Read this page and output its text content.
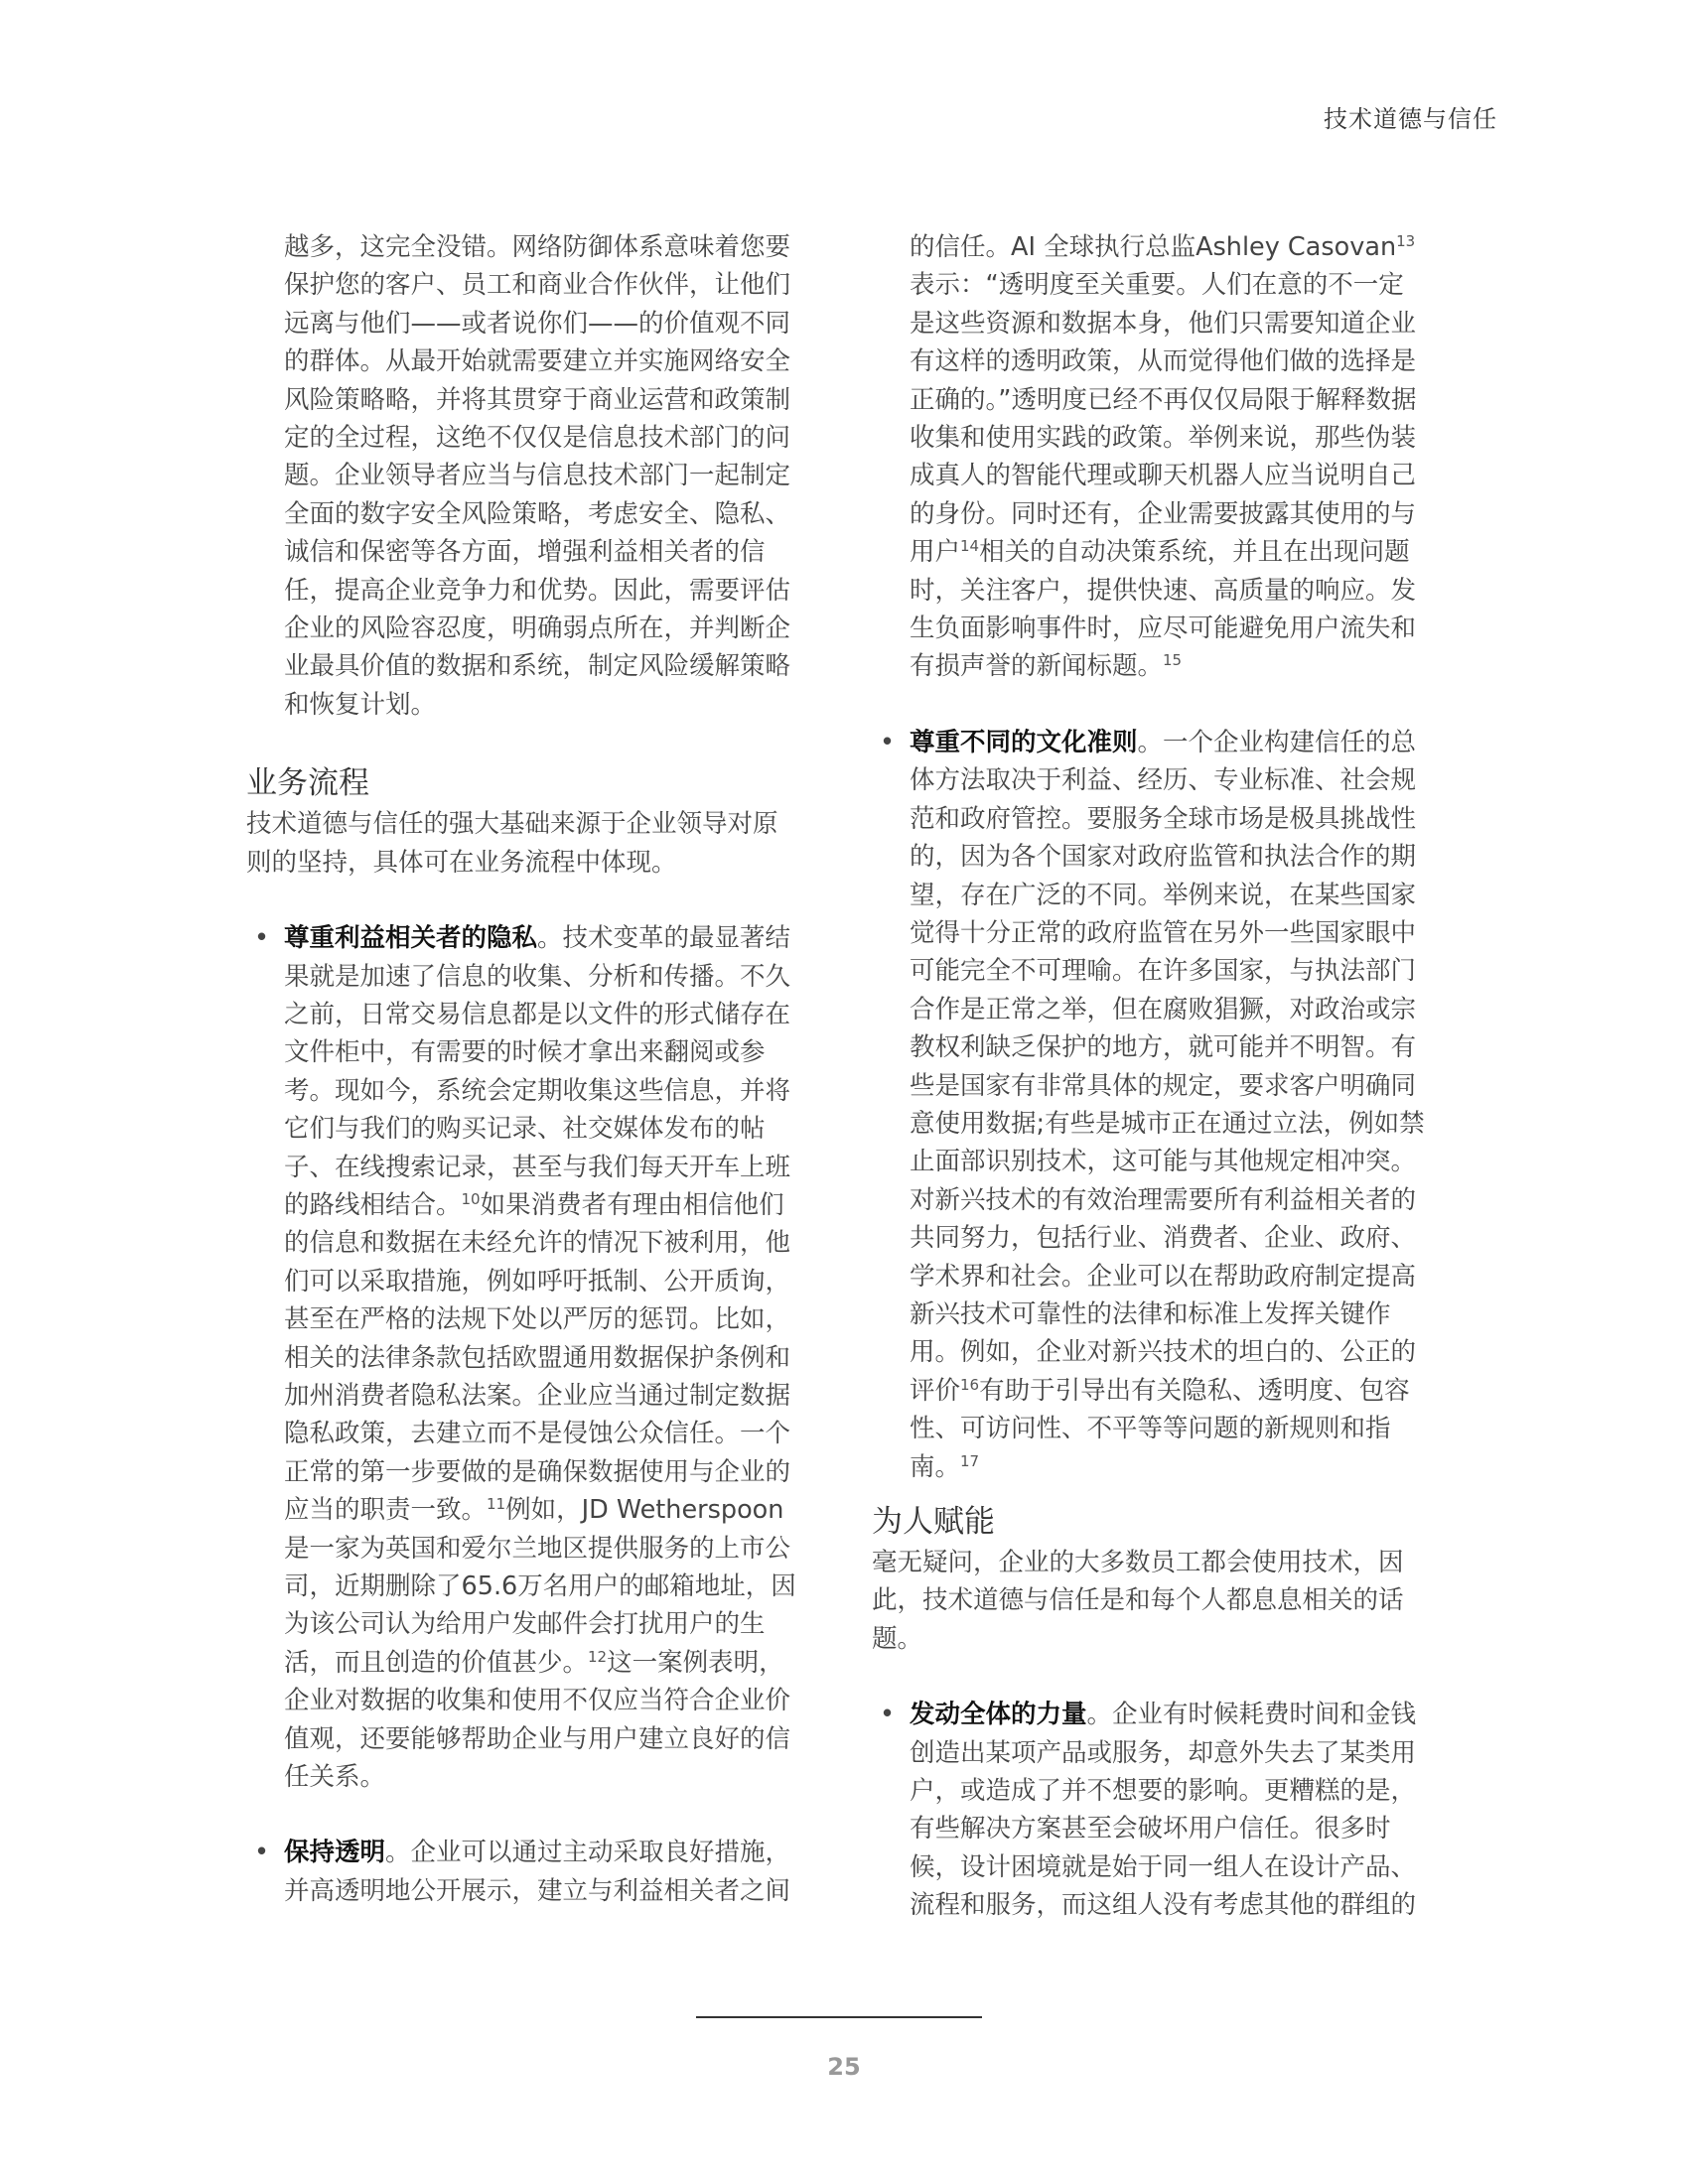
技术道德与信任

越多，这完全没错。网络防御体系意味着您要保护您的客户、员工和商业合作伙伴，让他们远离与他们——或者说你们——的价值观不同的群体。从最开始就需要建立并实施网络安全风险策略略，并将其贯穿于商业运营和政策制定的全过程，这绝不仅仅是信息技术部门的问题。企业领导者应当与信息技术部门一起制定全面的数字安全风险策略，考虑安全、隐私、诚信和保密等各方面，增强利益相关者的信任，提高企业竞争力和优势。因此，需要评估企业的风险容忍度，明确弱点所在，并判断企业最具价值的数据和系统，制定风险缓解策略和恢复计划。

业务流程

技术道德与信任的强大基础来源于企业领导对原则的坚持，具体可在业务流程中体现。

• 尊重利益相关者的隐私。技术变革的最显著结果就是加速了信息的收集、分析和传播。不久之前，日常交易信息都是以文件的形式储存在文件柜中，有需要的时候才拿出来翻阅或参考。现如今，系统会定期收集这些信息，并将它们与我们的购买记录、社交媒体发布的帖子、在线搜索记录，甚至与我们每天开车上班的路线相结合。$^{10}$如果消费者有理由相信他们的信息和数据在未经允许的情况下被利用，他们可以采取措施，例如呼吁抵制、公开质询，甚至在严格的法规下处以严厉的惩罚。比如，相关的法律条款包括欧盟通用数据保护条例和加州消费者隐私法案。企业应当通过制定数据隐私政策，去建立而不是侵蚀公众信任。一个正常的第一步要做的是确保数据使用与企业的应当的职责一致。$^{11}$例如，JD Wetherspoon是一家为英国和爱尔兰地区提供服务的上市公司，近期删除了65.6万名用户的邮箱地址，因为该公司认为给用户发邮件会打扰用户的生活，而且创造的价值甚少。$^{12}$这一案例表明，企业对数据的收集和使用不仅应当符合企业价值观，还要能够帮助企业与用户建立良好的信任关系。
• 保持透明。企业可以通过主动采取良好措施，并高透明地公开展示，建立与利益相关者之间

的信任。AI 全球执行总监Ashley Casovan$^{13}$表示：“透明度至关重要。人们在意的不一定是这些资源和数据本身，他们只需要知道企业有这样的透明政策，从而觉得他们做的选择是正确的。”透明度已经不再仅仅局限于解释数据收集和使用实践的政策。举例来说，那些伪装成真人的智能代理或聊天机器人应当说明自己的身份。同时还有，企业需要披露其使用的与用户$^{14}$相关的自动决策系统，并且在出现问题时，关注客户，提供快速、高质量的响应。发生负面影响事件时，应尽可能避免用户流失和有损声誉的新闻标题。$^{15}$

• 尊重不同的文化准则。一个企业构建信任的总体方法取决于利益、经历、专业标准、社会规范和政府管控。要服务全球市场是极具挑战性的，因为各个国家对政府监管和执法合作的期望，存在广泛的不同。举例来说，在某些国家觉得十分正常的政府监管在另外一些国家眼中可能完全不可理喻。在许多国家，与执法部门合作是正常之举，但在腐败猖獗，对政治或宗教权利缺乏保护的地方，就可能并不明智。有些是国家有非常具体的规定，要求客户明确同意使用数据;有些是城市正在通过立法，例如禁止面部识别技术，这可能与其他规定相冲突。对新兴技术的有效治理需要所有利益相关者的共同努力，包括行业、消费者、企业、政府、学术界和社会。企业可以在帮助政府制定提高新兴技术可靠性的法律和标准上发挥关键作用。例如，企业对新兴技术的坦白的、公正的评价$^{16}$有助于引导出有关隐私、透明度、包容性、可访问性、不平等等问题的新规则和指南。$^{17}$
为人赋能

毫无疑问，企业的大多数员工都会使用技术，因此，技术道德与信任是和每个人都息息相关的话题。

• 发动全体的力量。企业有时候耗费时间和金钱创造出某项产品或服务，却意外失去了某类用户，或造成了并不想要的影响。更糟糕的是，有些解决方案甚至会破坏用户信任。很多时候，设计困境就是始于同一组人在设计产品、流程和服务，而这组人没有考虑其他的群组的
25
